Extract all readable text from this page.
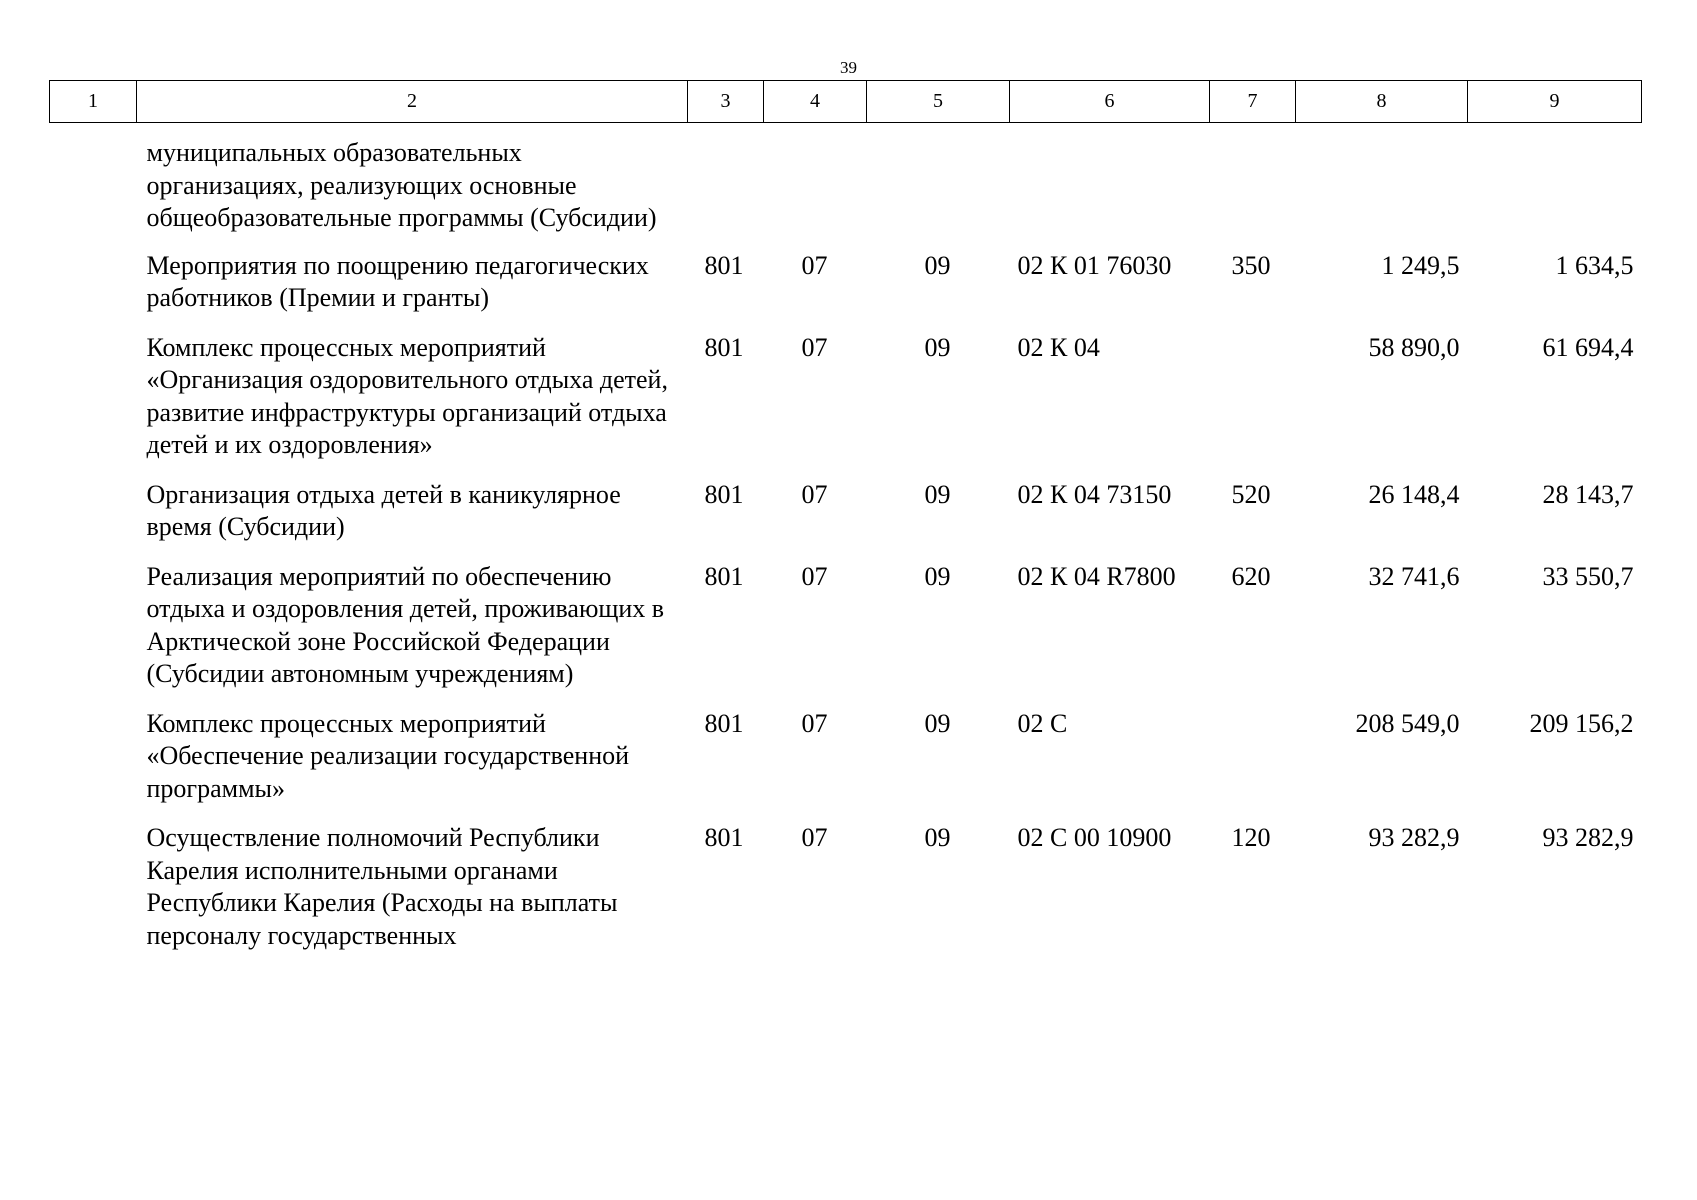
39
1	2	3	4	5	6	7	8	9
	муниципальных образовательных организациях, реализующих основные общеобразовательные программы (Субсидии)							
	Мероприятия по поощрению педагогических работников (Премии и гранты)	801	07	09	02 К 01 76030	350	1 249,5	1 634,5
	Комплекс процессных мероприятий «Организация оздоровительного отдыха детей, развитие инфраструктуры организаций отдыха детей и их оздоровления»	801	07	09	02 К 04		58 890,0	61 694,4
	Организация отдыха детей в каникулярное время (Субсидии)	801	07	09	02 К 04 73150	520	26 148,4	28 143,7
	Реализация мероприятий по обеспечению отдыха и оздоровления детей, проживающих в Арктической зоне Российской Федерации (Субсидии автономным учреждениям)	801	07	09	02 К 04 R7800	620	32 741,6	33 550,7
	Комплекс процессных мероприятий «Обеспечение реализации государственной программы»	801	07	09	02 С		208 549,0	209 156,2
	Осуществление полномочий Республики Карелия исполнительными органами Республики Карелия (Расходы на выплаты персоналу государственных	801	07	09	02 С 00 10900	120	93 282,9	93 282,9
